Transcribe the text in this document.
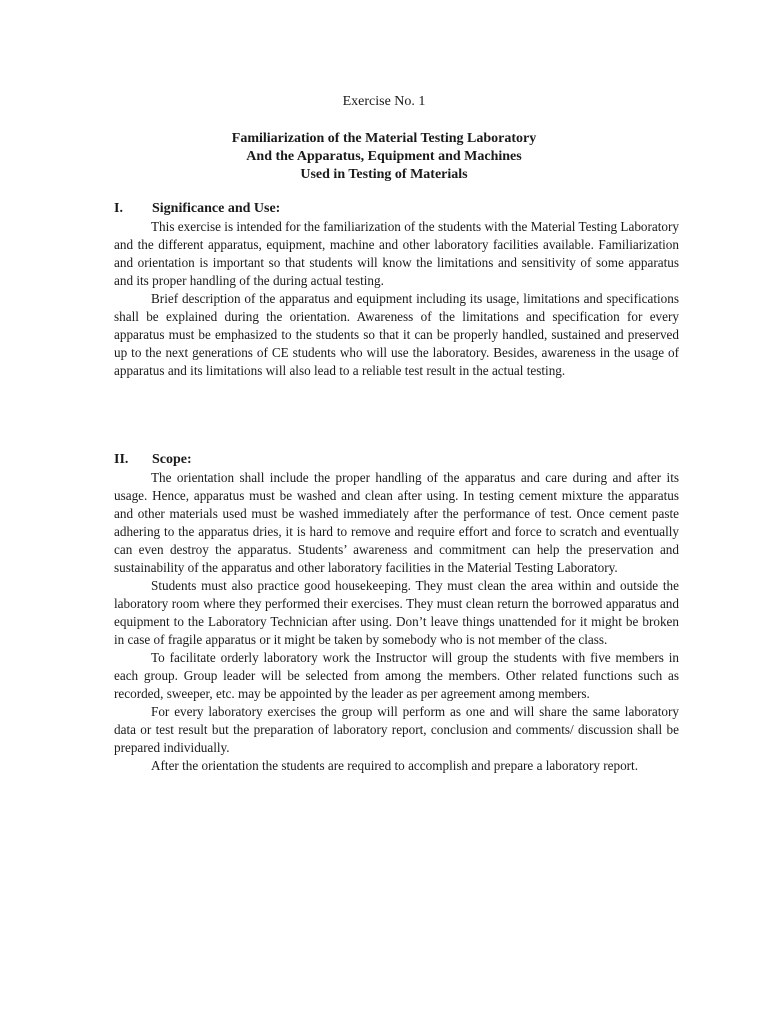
Exercise No. 1
Familiarization of the Material Testing Laboratory
And the Apparatus, Equipment and Machines
Used in Testing of Materials
I. Significance and Use:

This exercise is intended for the familiarization of the students with the Material Testing Laboratory and the different apparatus, equipment, machine and other laboratory facilities available. Familiarization and orientation is important so that students will know the limitations and sensitivity of some apparatus and its proper handling of the during actual testing.

Brief description of the apparatus and equipment including its usage, limitations and specifications shall be explained during the orientation. Awareness of the limitations and specification for every apparatus must be emphasized to the students so that it can be properly handled, sustained and preserved up to the next generations of CE students who will use the laboratory. Besides, awareness in the usage of apparatus and its limitations will also lead to a reliable test result in the actual testing.

II. Scope:

The orientation shall include the proper handling of the apparatus and care during and after its usage. Hence, apparatus must be washed and clean after using. In testing cement mixture the apparatus and other materials used must be washed immediately after the performance of test. Once cement paste adhering to the apparatus dries, it is hard to remove and require effort and force to scratch and eventually can even destroy the apparatus. Students’ awareness and commitment can help the preservation and sustainability of the apparatus and other laboratory facilities in the Material Testing Laboratory.

Students must also practice good housekeeping. They must clean the area within and outside the laboratory room where they performed their exercises. They must clean return the borrowed apparatus and equipment to the Laboratory Technician after using. Don’t leave things unattended for it might be broken in case of fragile apparatus or it might be taken by somebody who is not member of the class.

To facilitate orderly laboratory work the Instructor will group the students with five members in each group. Group leader will be selected from among the members. Other related functions such as recorded, sweeper, etc. may be appointed by the leader as per agreement among members.

For every laboratory exercises the group will perform as one and will share the same laboratory data or test result but the preparation of laboratory report, conclusion and comments/ discussion shall be prepared individually.

After the orientation the students are required to accomplish and prepare a laboratory report.
